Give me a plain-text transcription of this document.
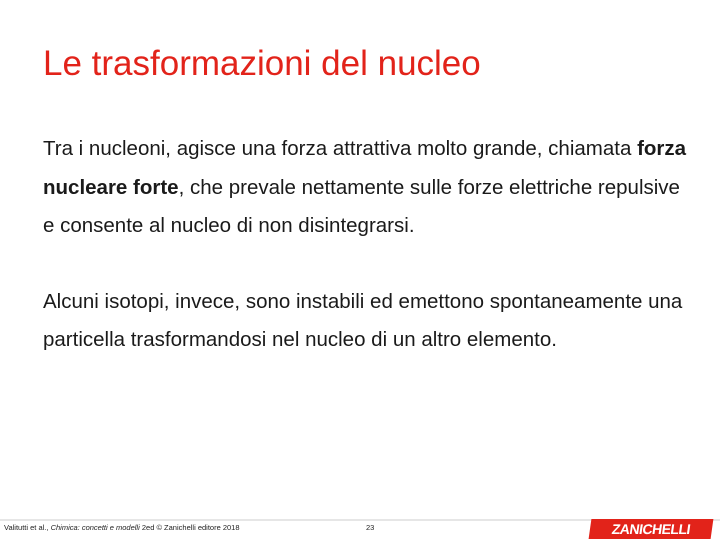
Le trasformazioni del nucleo

Tra i nucleoni, agisce una forza attrattiva molto grande, chiamata forza nucleare forte, che prevale nettamente sulle forze elettriche repulsive e consente al nucleo di non disintegrarsi.

Alcuni isotopi, invece, sono instabili ed emettono spontaneamente una particella trasformandosi nel nucleo di un altro elemento.

Valitutti et al., Chimica: concetti e modelli 2ed © Zanichelli editore 2018	23	ZANICHELLI
